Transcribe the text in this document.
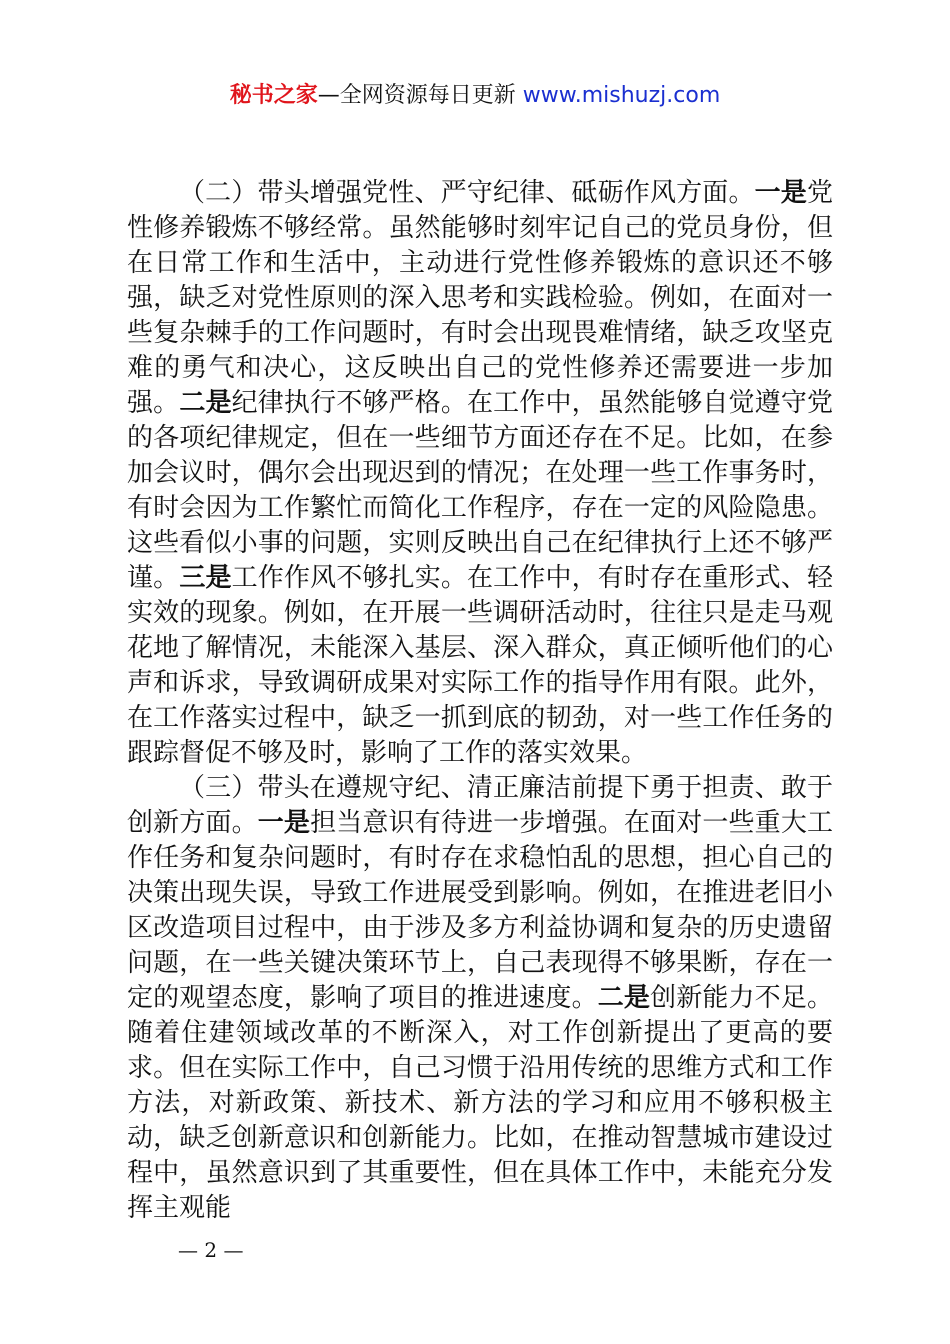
秘书之家—全网资源每日更新 www.mishuzj.com

（二）带头增强党性、严守纪律、砥砺作风方面。一是党性修养锻炼不够经常。虽然能够时刻牢记自己的党员身份，但在日常工作和生活中，主动进行党性修养锻炼的意识还不够强，缺乏对党性原则的深入思考和实践检验。例如，在面对一些复杂棘手的工作问题时，有时会出现畏难情绪，缺乏攻坚克难的勇气和决心，这反映出自己的党性修养还需要进一步加强。二是纪律执行不够严格。在工作中，虽然能够自觉遵守党的各项纪律规定，但在一些细节方面还存在不足。比如，在参加会议时，偶尔会出现迟到的情况；在处理一些工作事务时，有时会因为工作繁忙而简化工作程序，存在一定的风险隐患。这些看似小事的问题，实则反映出自己在纪律执行上还不够严谨。三是工作作风不够扎实。在工作中，有时存在重形式、轻实效的现象。例如，在开展一些调研活动时，往往只是走马观花地了解情况，未能深入基层、深入群众，真正倾听他们的心声和诉求，导致调研成果对实际工作的指导作用有限。此外，在工作落实过程中，缺乏一抓到底的韧劲，对一些工作任务的跟踪督促不够及时，影响了工作的落实效果。

（三）带头在遵规守纪、清正廉洁前提下勇于担责、敢于创新方面。一是担当意识有待进一步增强。在面对一些重大工作任务和复杂问题时，有时存在求稳怕乱的思想，担心自己的决策出现失误，导致工作进展受到影响。例如，在推进老旧小区改造项目过程中，由于涉及多方利益协调和复杂的历史遗留问题，在一些关键决策环节上，自己表现得不够果断，存在一定的观望态度，影响了项目的推进速度。二是创新能力不足。随着住建领域改革的不断深入，对工作创新提出了更高的要求。但在实际工作中，自己习惯于沿用传统的思维方式和工作方法，对新政策、新技术、新方法的学习和应用不够积极主动，缺乏创新意识和创新能力。比如，在推动智慧城市建设过程中，虽然意识到了其重要性，但在具体工作中，未能充分发挥主观能

— 2 —
